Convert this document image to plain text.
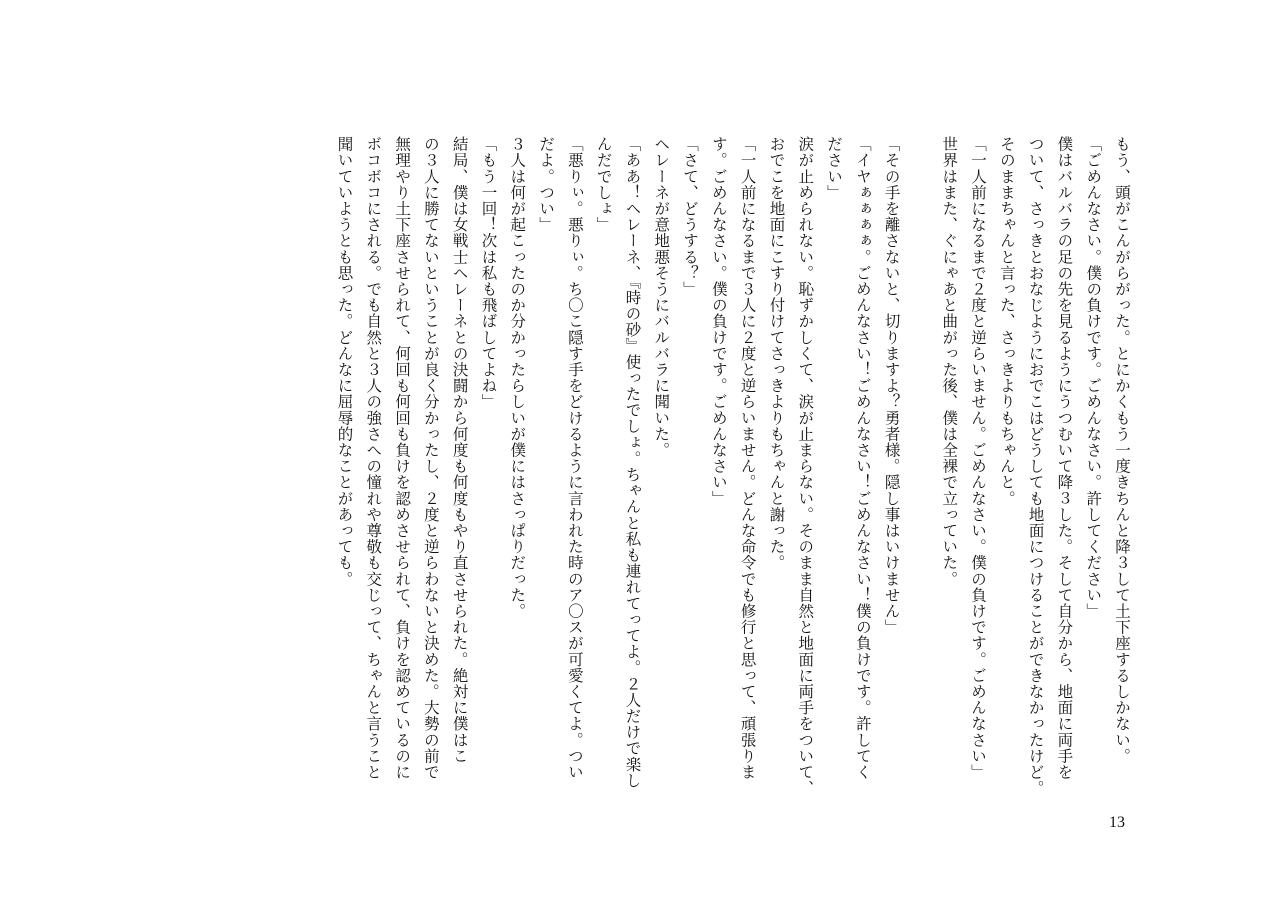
もう、頭がこんがらがった。とにかくもう一度きちんと降３して土下座するしかない。
「ごめんなさい。僕の負けです。ごめんなさい。許してください」
僕はバルバラの足の先を見るようにうつむいて降３した。そして自分から、地面に両手を
ついて、さっきとおなじようにおでこはどうしても地面につけることができなかったけど。
そのままちゃんと言った、さっきよりもちゃんと。
「一人前になるまで２度と逆らいません。ごめんなさい。僕の負けです。ごめんなさい」
世界はまた、ぐにゃあと曲がった後、僕は全裸で立っていた。
「その手を離さないと、切りますよ？勇者様。隠し事はいけません」
「イヤぁぁぁぁ。ごめんなさい！ごめんなさい！ごめんなさい！僕の負けです。許してく
ださい」
涙が止められない。恥ずかしくて、涙が止まらない。そのまま自然と地面に両手をついて、
おでこを地面にこすり付けてさっきよりもちゃんと謝った。
「一人前になるまで３人に２度と逆らいません。どんな命令でも修行と思って、頑張りま
す。ごめんなさい。僕の負けです。ごめんなさい」
「さて、どうする？」
ヘレーネが意地悪そうにバルバラに聞いた。
「ああ！ヘレーネ、『時の砂』使ったでしょ。ちゃんと私も連れてってよ。２人だけで楽し
んだでしょ」
「悪りぃ。悪りぃ。ち〇こ隠す手をどけるように言われた時のア〇スが可愛くてよ。つい
だよ。つい」
３人は何が起こったのか分かったらしいが僕にはさっぱりだった。
「もう一回！次は私も飛ばしてよね」
結局、僕は女戦士ヘレーネとの決闘から何度も何度もやり直させられた。絶対に僕はこ
の３人に勝てないということが良く分かったし、２度と逆らわないと決めた。大勢の前で
無理やり土下座させられて、何回も何回も負けを認めさせられて、負けを認めているのに
ボコボコにされる。でも自然と３人の強さへの憧れや尊敬も交じって、ちゃんと言うこと
聞いていようとも思った。どんなに屈辱的なことがあっても。
13
